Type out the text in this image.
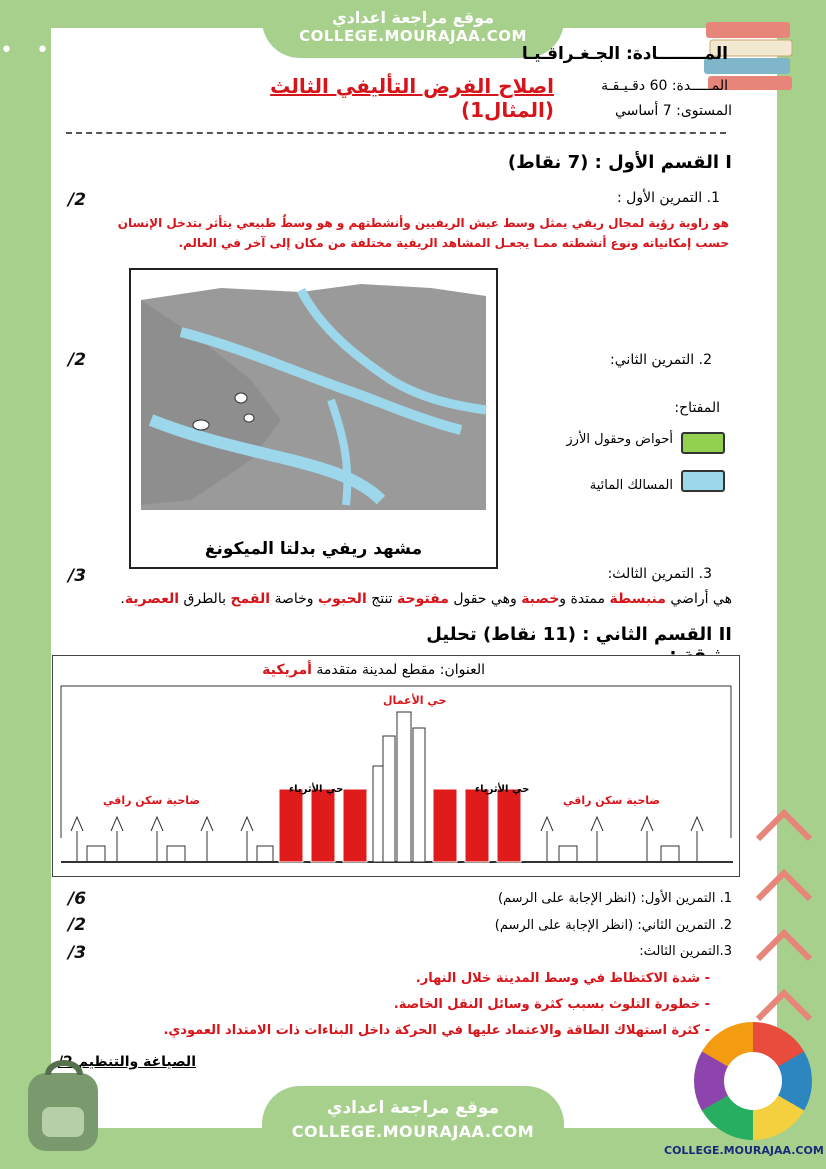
• • • • • • • •
موقع مراجعة اعدادي
COLLEGE.MOURAJAA.COM
المــــــــادة: الجـغـراقـيـا
المـــــدة: 60 دقـيـقـة
المستوى: 7 أساسي
اصلاح الفرض التأليفي الثالث (المثال1)
I القسم الأول : (7 نقاط)
1. التمرين الأول :
/2
هو زاوية رؤية لمجال ريفي يمثل وسط عيش الريفيين وأنشطتهم و هو وسطٌ طبيعي يتأثر بتدخل الإنسان حسب إمكانياته ونوع أنشطته ممـا يجعـل المشاهد الريفية مختلفة من مكان إلى آخر في العالم.
مشهد ريفي بدلتا الميكونغ
2. التمرين الثاني:
/2
المفتاح:
أحواض وحقول الأرز
المسالك المائية
3. التمرين الثالث:
/3
هي أراضي منبسطة ممتدة وخصبة وهي حقول مفتوحة تنتج الحبوب وخاصة القمح بالطرق العصرية.
II القسم الثاني : (11 نقاط) تحليل
العنوان: مقطع لمدينة متقدمة أمريكية
حي الأعمال
حي الأثرياء	حي الأثرياء
ضاحية سكن راقي	ضاحية سكن راقي
1. التمرين الأول: (انظر الإجابة على الرسم)
/6
2. التمرين الثاني: (انظر الإجابة على الرسم)
/2
3.التمرين الثالث:
/3
- شدة الاكتظاظ في وسط المدينة خلال النهار.
- خطورة التلوث بسبب كثرة وسائل النقل الخاصة.
- كثرة استهلاك الطاقة والاعتماد عليها في الحركة داخل البناءات ذات الامتداد العمودي.
الصياغة والتنظيم 2/
موقع مراجعة اعدادي
COLLEGE.MOURAJAA.COM
COLLEGE.MOURAJAA.COM
